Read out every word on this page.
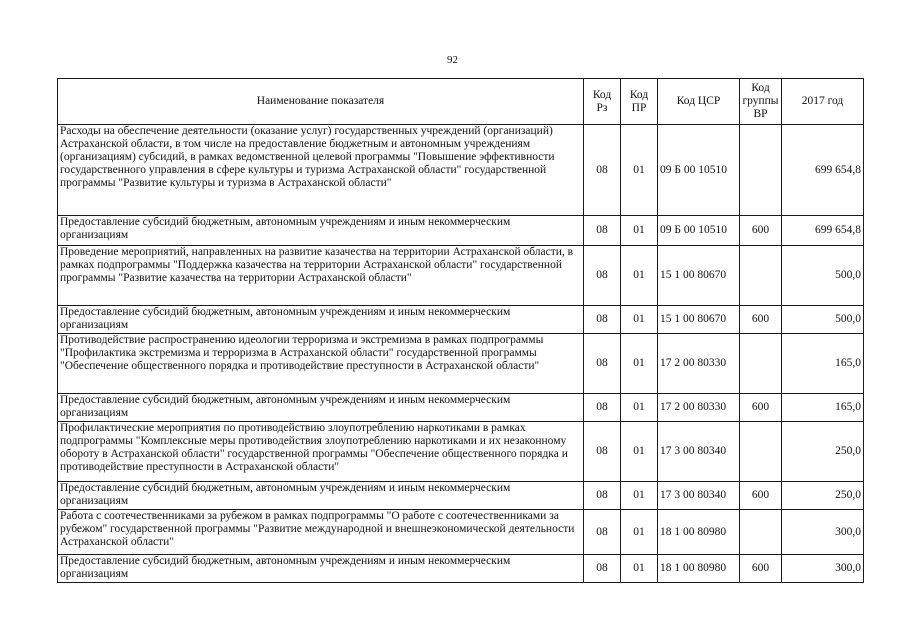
92
Наименование показателя	Код Рз	Код ПР	Код ЦСР	Код группы ВР	2017 год
Расходы на обеспечение деятельности (оказание услуг) государственных учреждений (организаций) Астраханской области, в том числе на предоставление бюджетным и автономным учреждениям (организациям) субсидий, в рамках ведомственной целевой программы "Повышение эффективности государственного управления в сфере культуры и туризма Астраханской области" государственной программы "Развитие культуры и туризма в Астраханской области"	08	01	09 Б 00 10510		699 654,8
Предоставление субсидий бюджетным, автономным учреждениям и иным некоммерческим организациям	08	01	09 Б 00 10510	600	699 654,8
Проведение мероприятий, направленных на развитие казачества на территории Астраханской области, в рамках подпрограммы "Поддержка казачества на территории Астраханской области" государственной программы "Развитие казачества на территории Астраханской области"	08	01	15 1 00 80670		500,0
Предоставление субсидий бюджетным, автономным учреждениям и иным некоммерческим организациям	08	01	15 1 00 80670	600	500,0
Противодействие распространению идеологии терроризма и экстремизма в рамках подпрограммы "Профилактика экстремизма и терроризма в Астраханской области" государственной программы "Обеспечение общественного порядка и противодействие преступности в Астраханской области"	08	01	17 2 00 80330		165,0
Предоставление субсидий бюджетным, автономным учреждениям и иным некоммерческим организациям	08	01	17 2 00 80330	600	165,0
Профилактические мероприятия по противодействию злоупотреблению наркотиками в рамках подпрограммы "Комплексные меры противодействия злоупотреблению наркотиками и их незаконному обороту в Астраханской области" государственной программы "Обеспечение общественного порядка и противодействие преступности в Астраханской области"	08	01	17 3 00 80340		250,0
Предоставление субсидий бюджетным, автономным учреждениям и иным некоммерческим организациям	08	01	17 3 00 80340	600	250,0
Работа с соотечественниками за рубежом в рамках подпрограммы "О работе с соотечественниками за рубежом" государственной программы "Развитие международной и внешнеэкономической деятельности Астраханской области"	08	01	18 1 00 80980		300,0
Предоставление субсидий бюджетным, автономным учреждениям и иным некоммерческим организациям	08	01	18 1 00 80980	600	300,0
